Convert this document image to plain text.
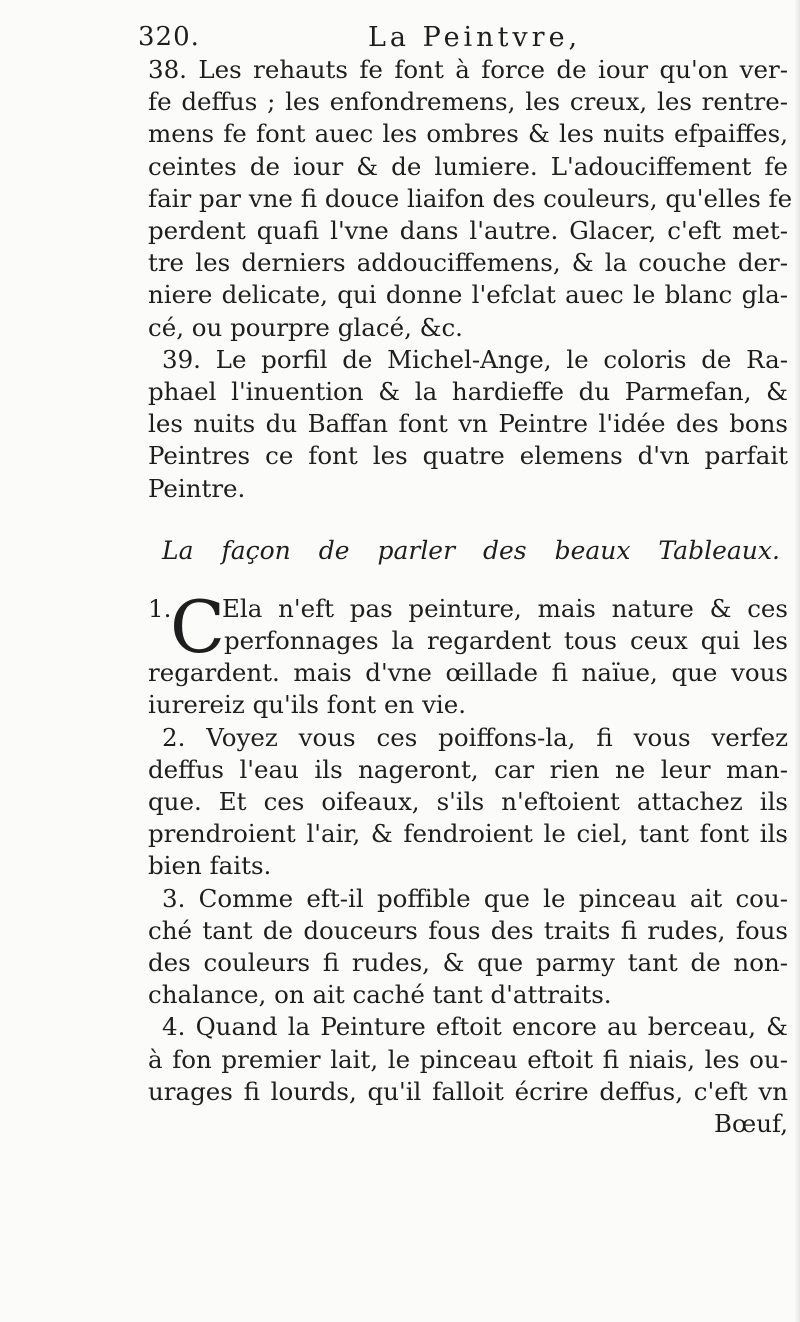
320.	La Peintvre,
38. Les rehauts fe font à force de iour qu'on ver-
fe deffus ; les enfondremens, les creux, les rentre-
mens fe font auec les ombres & les nuits efpaiffes,
ceintes de iour & de lumiere. L'adouciffement fe
fair par vne fi douce liaifon des couleurs, qu'elles fe
perdent quafi l'vne dans l'autre. Glacer, c'eft met-
tre les derniers addouciffemens, & la couche der-
niere delicate, qui donne l'efclat auec le blanc gla-
cé, ou pourpre glacé, &c.
39. Le porfil de Michel-Ange, le coloris de Ra-
phael l'inuention & la hardieffe du Parmefan, &
les nuits du Baffan font vn Peintre l'idée des bons
Peintres ce font les quatre elemens d'vn parfait
Peintre.
La façon de parler des beaux Tableaux.
C
1. Ela n'eft pas peinture, mais nature & ces
perfonnages la regardent tous ceux qui les
regardent. mais d'vne œillade fi naïue, que vous
iurereiz qu'ils font en vie.
2. Voyez vous ces poiffons-la, fi vous verfez
deffus l'eau ils nageront, car rien ne leur man-
que. Et ces oifeaux, s'ils n'eftoient attachez ils
prendroient l'air, & fendroient le ciel, tant font ils
bien faits.
3. Comme eft-il poffible que le pinceau ait cou-
ché tant de douceurs fous des traits fi rudes, fous
des couleurs fi rudes, & que parmy tant de non-
chalance, on ait caché tant d'attraits.
4. Quand la Peinture eftoit encore au berceau, &
à fon premier lait, le pinceau eftoit fi niais, les ou-
urages fi lourds, qu'il falloit écrire deffus, c'eft vn
Bœuf,
